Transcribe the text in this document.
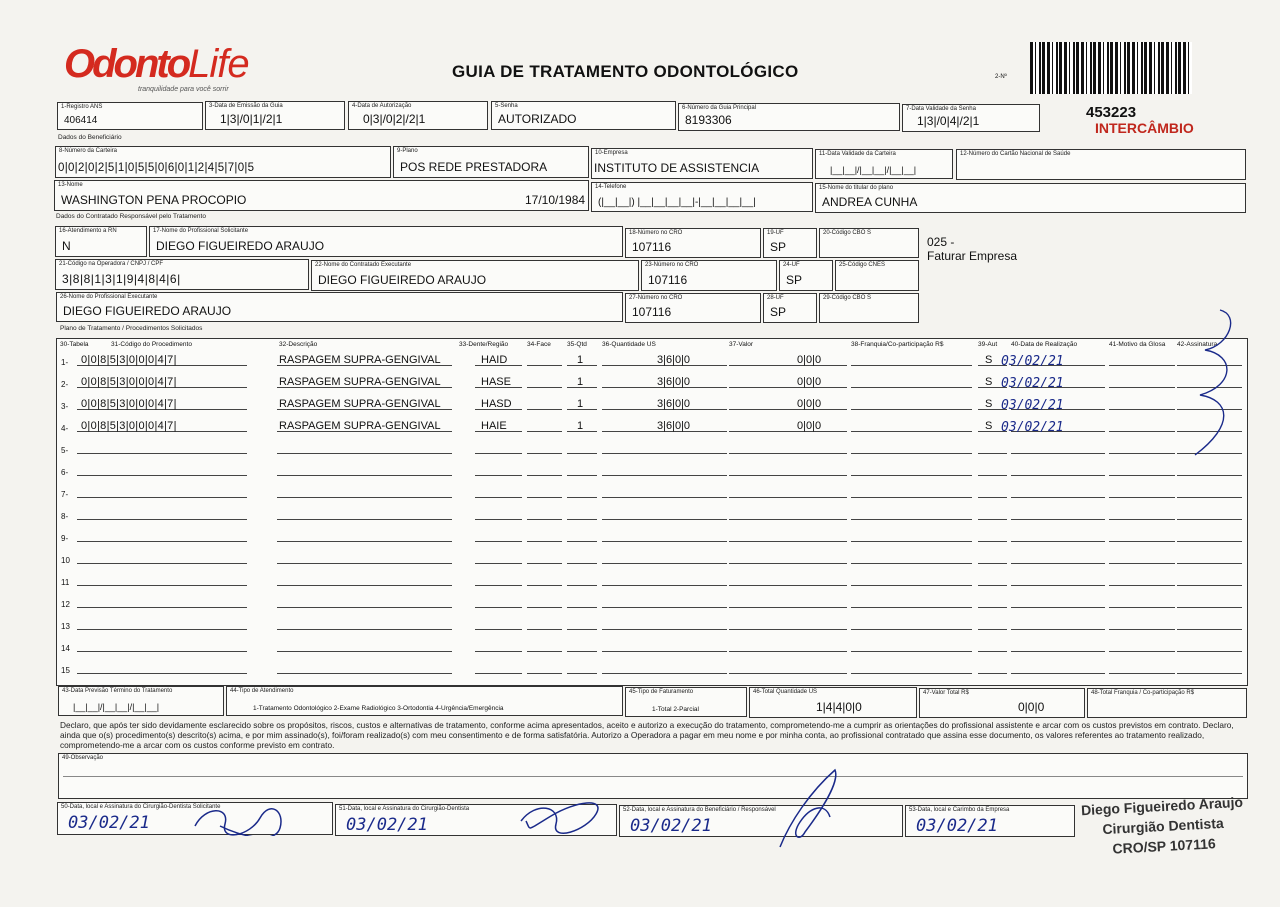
OdontoLife
tranquilidade para você sorrir
GUIA DE TRATAMENTO ODONTOLÓGICO	2-Nº
453223
INTERCÂMBIO
1-Registro ANS
406414
3-Data de Emissão da Guia
1|3|/0|1|/2|1
4-Data de Autorização
0|3|/0|2|/2|1
5-Senha
AUTORIZADO
6-Número da Guia Principal
8193306
7-Data Validade da Senha
1|3|/0|4|/2|1
Dados do Beneficiário
8-Número da Carteira
0|0|2|0|2|5|1|0|5|5|0|6|0|1|2|4|5|7|0|5
9-Plano
POS REDE PRESTADORA
10-Empresa
INSTITUTO DE ASSISTENCIA
11-Data Validade da Carteira
|__|__|/|__|__|/|__|__|
12-Número do Cartão Nacional de Saúde
13-Nome
WASHINGTON PENA PROCOPIO	17/10/1984
14-Telefone
(|__|__|) |__|__|__|__|-|__|__|__|__|
15-Nome do titular do plano
ANDREA CUNHA
Dados do Contratado Responsável pelo Tratamento
16-Atendimento a RN
N
17-Nome do Profissional Solicitante
DIEGO FIGUEIREDO ARAUJO
18-Número no CRO
107116
19-UF
SP
20-Código CBO S
025 -
Faturar Empresa
21-Código na Operadora / CNPJ / CPF
3|8|8|1|3|1|9|4|8|4|6|
22-Nome do Contratado Executante
DIEGO FIGUEIREDO ARAUJO
23-Número no CRO
107116
24-UF
SP
25-Código CNES
26-Nome do Profissional Executante
DIEGO FIGUEIREDO ARAUJO
27-Número no CRO
107116
28-UF
SP
29-Código CBO S
Plano de Tratamento / Procedimentos Solicitados
30-Tabela	31-Código do Procedimento	32-Descrição	33-Dente/Região	34-Face 35-Qtd 36-Quantidade US	37-Valor	38-Franquia/Co-participação R$	39-Aut 40-Data de Realização	41-Motivo da Glosa 42-Assinatura
1- 0|0|8|5|3|0|0|0|4|7|	RASPAGEM SUPRA-GENGIVAL	HAID	1	3|6|0|0	0|0|0	S 03/02/21
2- 0|0|8|5|3|0|0|0|4|7|	RASPAGEM SUPRA-GENGIVAL	HASE	1	3|6|0|0	0|0|0	S 03/02/21
3- 0|0|8|5|3|0|0|0|4|7|	RASPAGEM SUPRA-GENGIVAL	HASD	1	3|6|0|0	0|0|0	S 03/02/21
4- 0|0|8|5|3|0|0|0|4|7|	RASPAGEM SUPRA-GENGIVAL	HAIE	1	3|6|0|0	0|0|0	S 03/02/21
5-
6-
7-
8-
9-
10
11
12
13
14
15
43-Data Previsão Término do Tratamento
|__|__|/|__|__|/|__|__|
44-Tipo de Atendimento
1-Tratamento Odontológico 2-Exame Radiológico 3-Ortodontia 4-Urgência/Emergência
45-Tipo de Faturamento
1-Total 2-Parcial
46-Total Quantidade US
1|4|4|0|0
47-Valor Total R$
0|0|0
48-Total Franquia / Co-participação R$
Declaro, que após ter sido devidamente esclarecido sobre os propósitos, riscos, custos e alternativas de tratamento, conforme acima apresentados, aceito e autorizo a execução do tratamento, comprometendo-me a cumprir as orientações do profissional assistente e arcar com os custos previstos em contrato. Declaro, ainda que o(s) procedimento(s) descrito(s) acima, e por mim assinado(s), foi/foram realizado(s) com meu consentimento e de forma satisfatória. Autorizo a Operadora a pagar em meu nome e por minha conta, ao profissional contratado que assina esse documento, os valores referentes ao tratamento realizado, comprometendo-me a arcar com os custos conforme previsto em contrato.
49-Observação
50-Data, local e Assinatura do Cirurgião-Dentista Solicitante
03/02/21
51-Data, local e Assinatura do Cirurgião-Dentista
03/02/21
52-Data, local e Assinatura do Beneficiário / Responsável
03/02/21
53-Data, local e Carimbo da Empresa
03/02/21
Diego Figueiredo Araujo
Cirurgião Dentista
CRO/SP 107116
